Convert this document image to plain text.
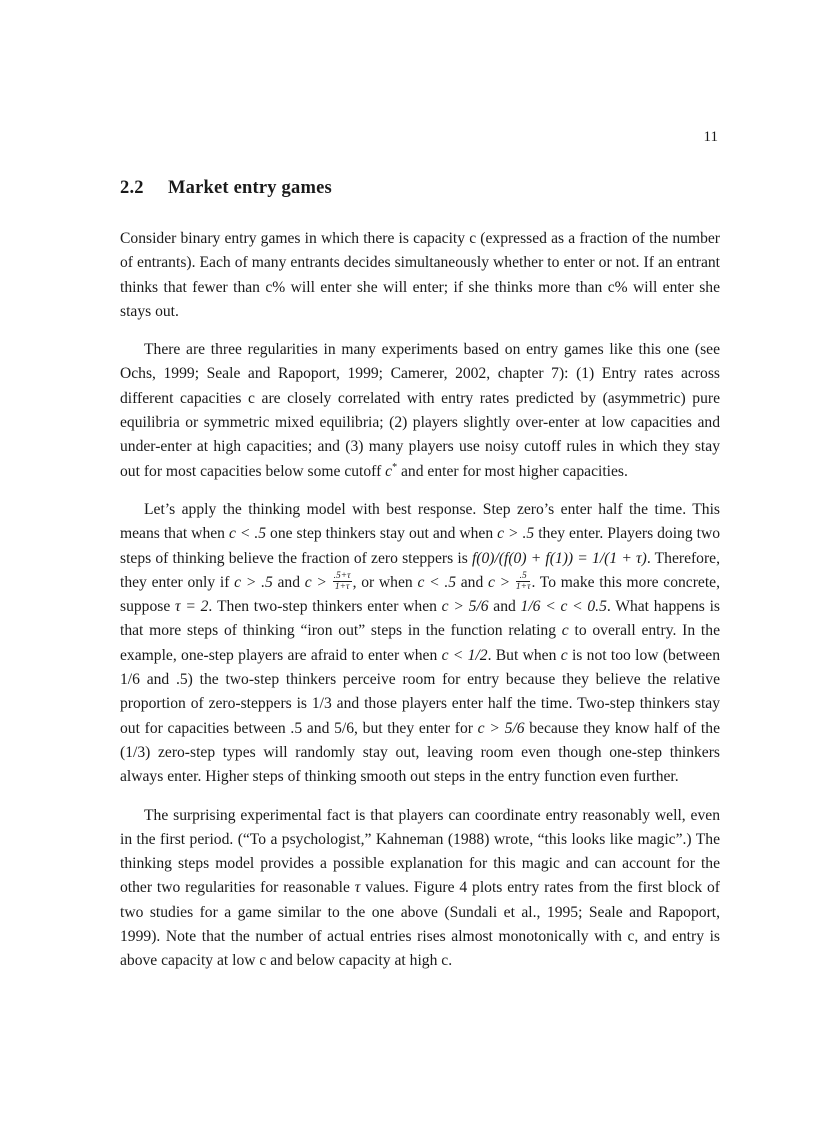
11
2.2 Market entry games

Consider binary entry games in which there is capacity c (expressed as a fraction of the number of entrants). Each of many entrants decides simultaneously whether to enter or not. If an entrant thinks that fewer than c% will enter she will enter; if she thinks more than c% will enter she stays out.

There are three regularities in many experiments based on entry games like this one (see Ochs, 1999; Seale and Rapoport, 1999; Camerer, 2002, chapter 7): (1) Entry rates across different capacities c are closely correlated with entry rates predicted by (asymmetric) pure equilibria or symmetric mixed equilibria; (2) players slightly over-enter at low capacities and under-enter at high capacities; and (3) many players use noisy cutoff rules in which they stay out for most capacities below some cutoff c* and enter for most higher capacities.

Let’s apply the thinking model with best response. Step zero’s enter half the time. This means that when c < .5 one step thinkers stay out and when c > .5 they enter. Players doing two steps of thinking believe the fraction of zero steppers is f(0)/(f(0) + f(1)) = 1/(1 + τ). Therefore, they enter only if c > .5 and $c > \frac{.5+\tau}{1+\tau}$ , or when c < .5 and $c > \frac{.5}{1+\tau}$ . To make this more concrete, suppose τ = 2. Then two-step thinkers enter when c > 5/6 and 1/6 < c < 0.5. What happens is that more steps of thinking “iron out” steps in the function relating c to overall entry. In the example, one-step players are afraid to enter when c < 1/2. But when c is not too low (between 1/6 and .5) the two-step thinkers perceive room for entry because they believe the relative proportion of zero-steppers is 1/3 and those players enter half the time. Two-step thinkers stay out for capacities between .5 and 5/6, but they enter for c > 5/6 because they know half of the (1/3) zero-step types will randomly stay out, leaving room even though one-step thinkers always enter. Higher steps of thinking smooth out steps in the entry function even further.

The surprising experimental fact is that players can coordinate entry reasonably well, even in the first period. (“To a psychologist,” Kahneman (1988) wrote, “this looks like magic”.) The thinking steps model provides a possible explanation for this magic and can account for the other two regularities for reasonable τ values. Figure 4 plots entry rates from the first block of two studies for a game similar to the one above (Sundali et al., 1995; Seale and Rapoport, 1999). Note that the number of actual entries rises almost monotonically with c, and entry is above capacity at low c and below capacity at high c.
